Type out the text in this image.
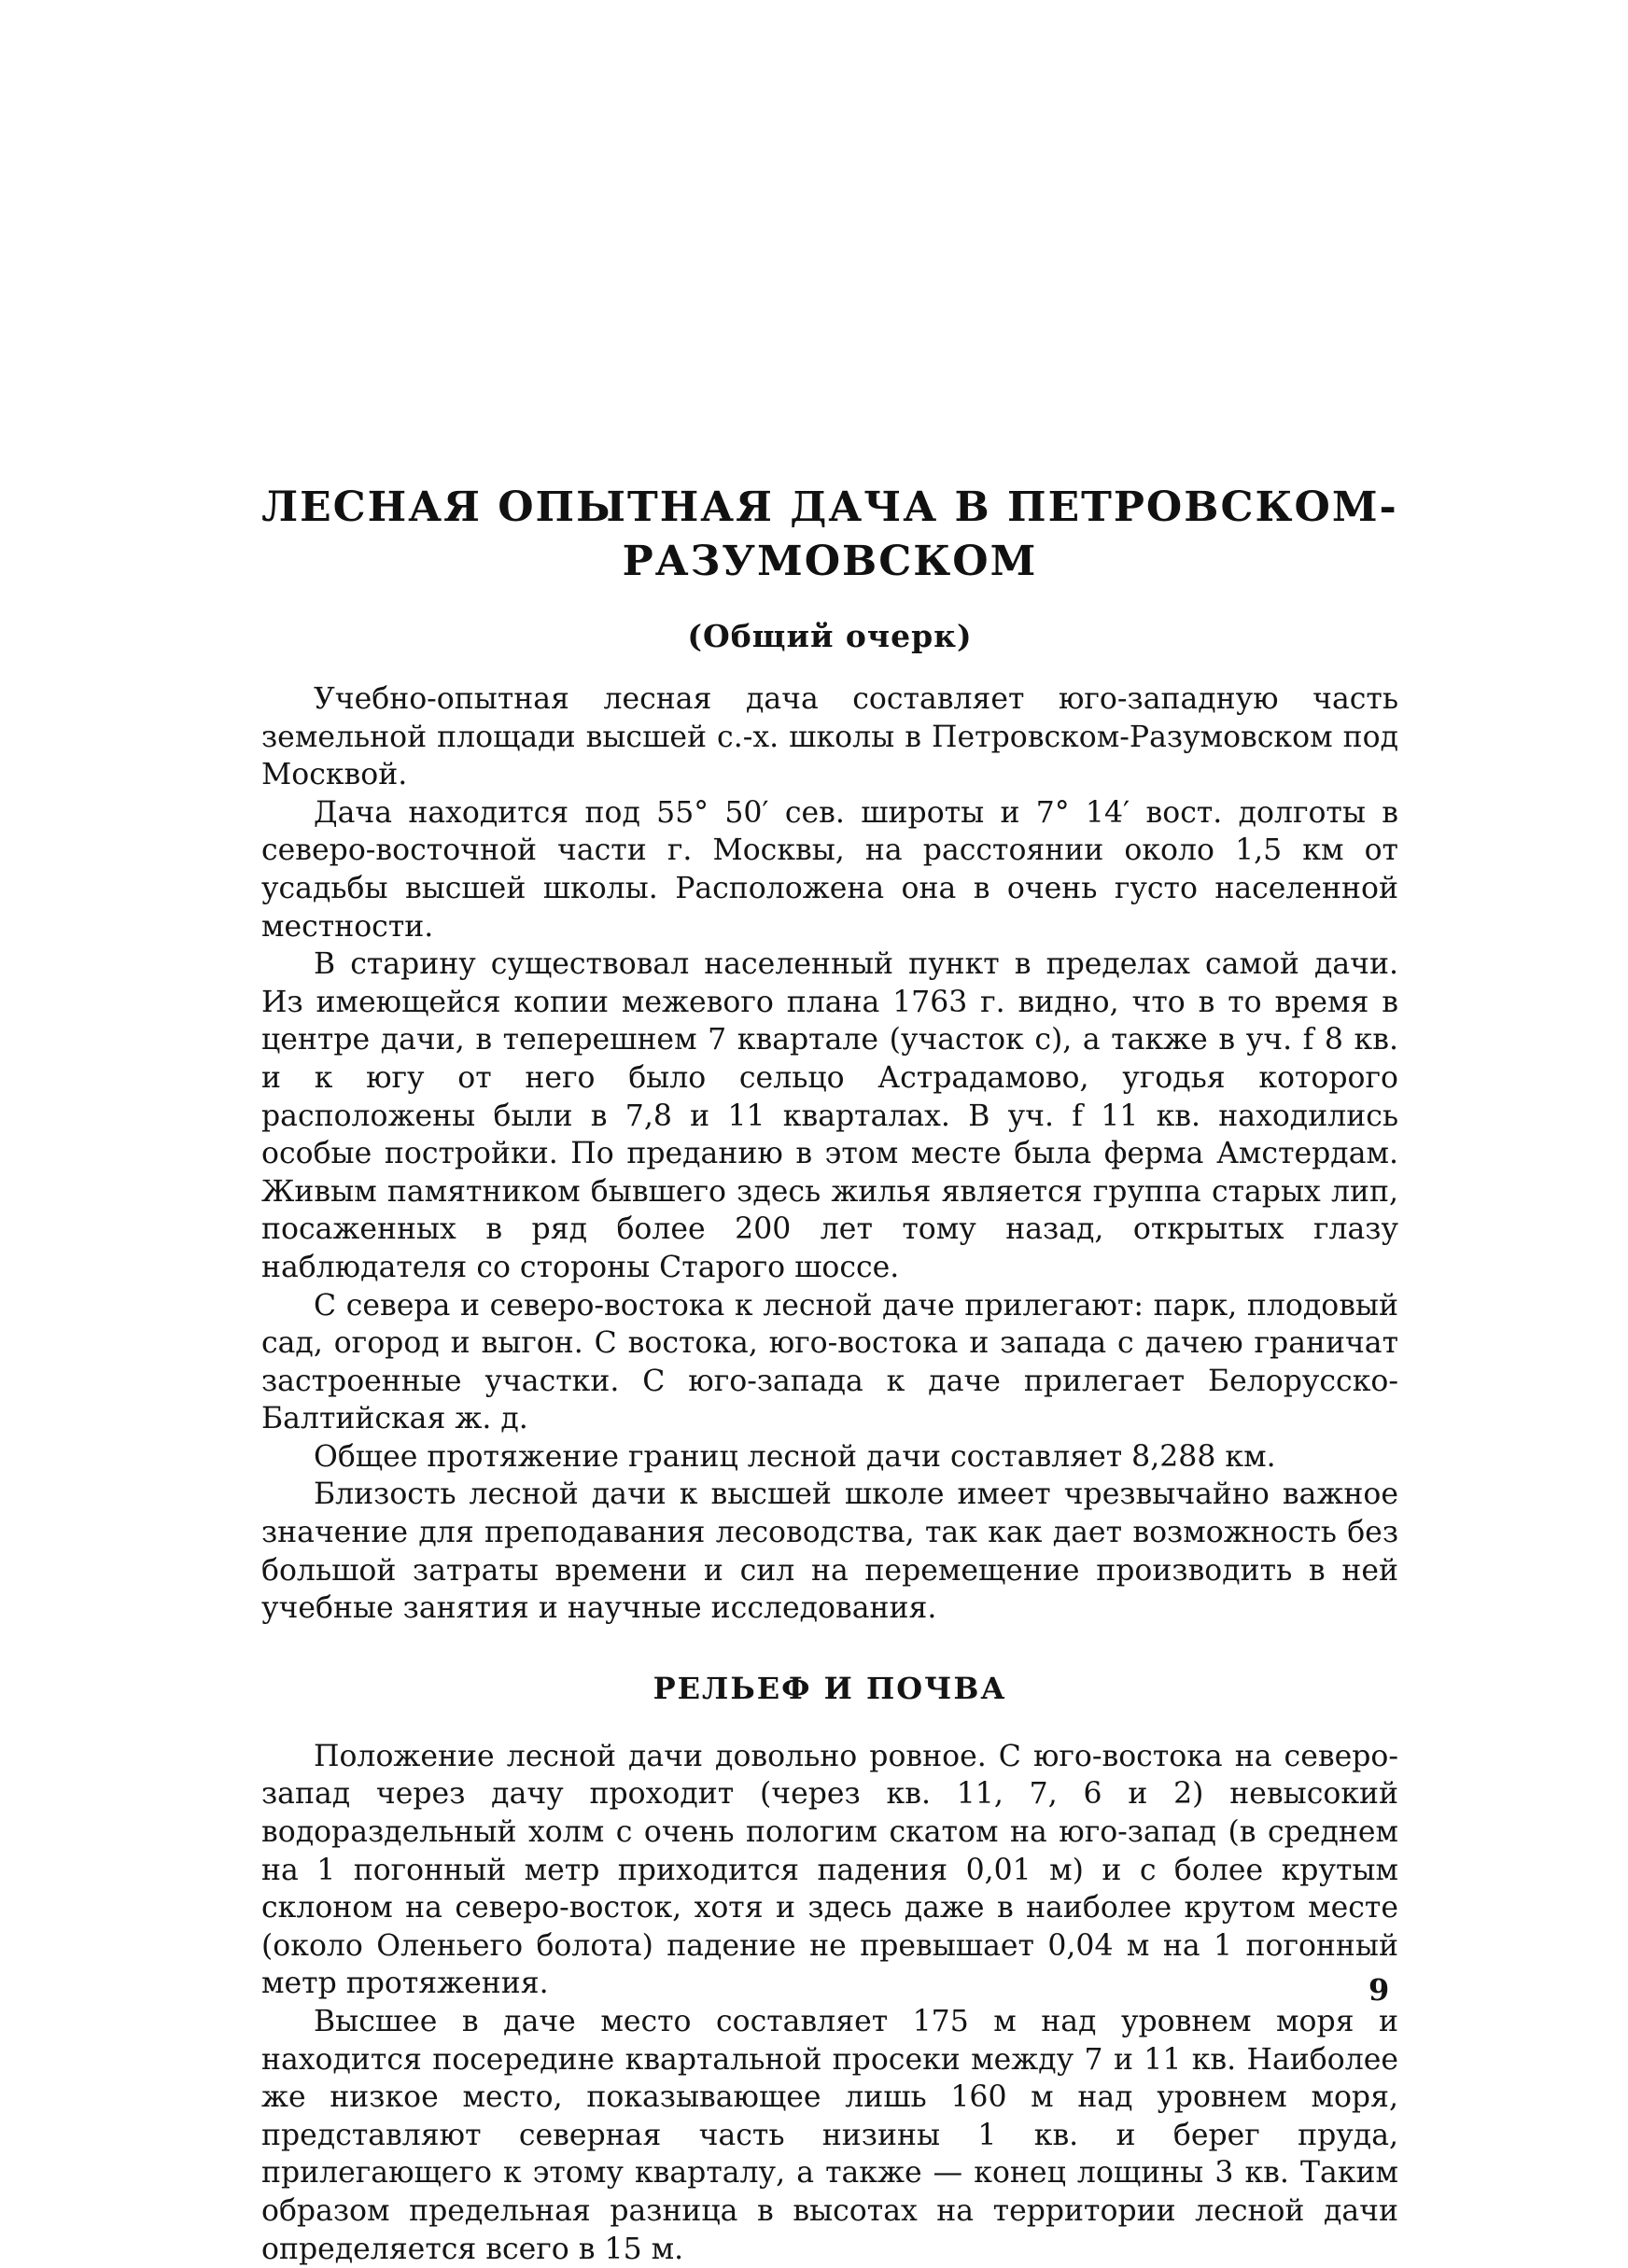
ЛЕСНАЯ ОПЫТНАЯ ДАЧА В ПЕТРОВСКОМ-
РАЗУМОВСКОМ
(Общий очерк)

Учебно-опытная лесная дача составляет юго-западную часть земельной площади высшей с.-х. школы в Петровском-Разумовском под Москвой.

Дача находится под 55° 50′ сев. широты и 7° 14′ вост. долготы в северо-восточной части г. Москвы, на расстоянии около 1,5 км от усадьбы высшей школы. Расположена она в очень густо населенной местности.

В старину существовал населенный пункт в пределах самой дачи. Из имеющейся копии межевого плана 1763 г. видно, что в то время в центре дачи, в теперешнем 7 квартале (участок c), а также в уч. f 8 кв. и к югу от него было сельцо Астрадамово, угодья которого расположены были в 7,8 и 11 кварталах. В уч. f 11 кв. находились особые постройки. По преданию в этом месте была ферма Амстердам. Живым памятником бывшего здесь жилья является группа старых лип, посаженных в ряд более 200 лет тому назад, открытых глазу наблюдателя со стороны Старого шоссе.

С севера и северо-востока к лесной даче прилегают: парк, плодовый сад, огород и выгон. С востока, юго-востока и запада с дачею граничат застроенные участки. С юго-запада к даче прилегает Белорусско-Балтийская ж. д.

Общее протяжение границ лесной дачи составляет 8,288 км.

Близость лесной дачи к высшей школе имеет чрезвычайно важное значение для преподавания лесоводства, так как дает возможность без большой затраты времени и сил на перемещение производить в ней учебные занятия и научные исследования.

РЕЛЬЕФ И ПОЧВА

Положение лесной дачи довольно ровное. С юго-востока на северо-запад через дачу проходит (через кв. 11, 7, 6 и 2) невысокий водораздельный холм с очень пологим скатом на юго-запад (в среднем на 1 погонный метр приходится падения 0,01 м) и с более крутым склоном на северо-восток, хотя и здесь даже в наиболее крутом месте (около Оленьего болота) падение не превышает 0,04 м на 1 погонный метр протяжения.

Высшее в даче место составляет 175 м над уровнем моря и находится посередине квартальной просеки между 7 и 11 кв. Наиболее же низкое место, показывающее лишь 160 м над уровнем моря, представляют северная часть низины 1 кв. и берег пруда, прилегающего к этому кварталу, а также — конец лощины 3 кв. Таким образом предельная разница в высотах на территории лесной дачи определяется всего в 15 м.

9
